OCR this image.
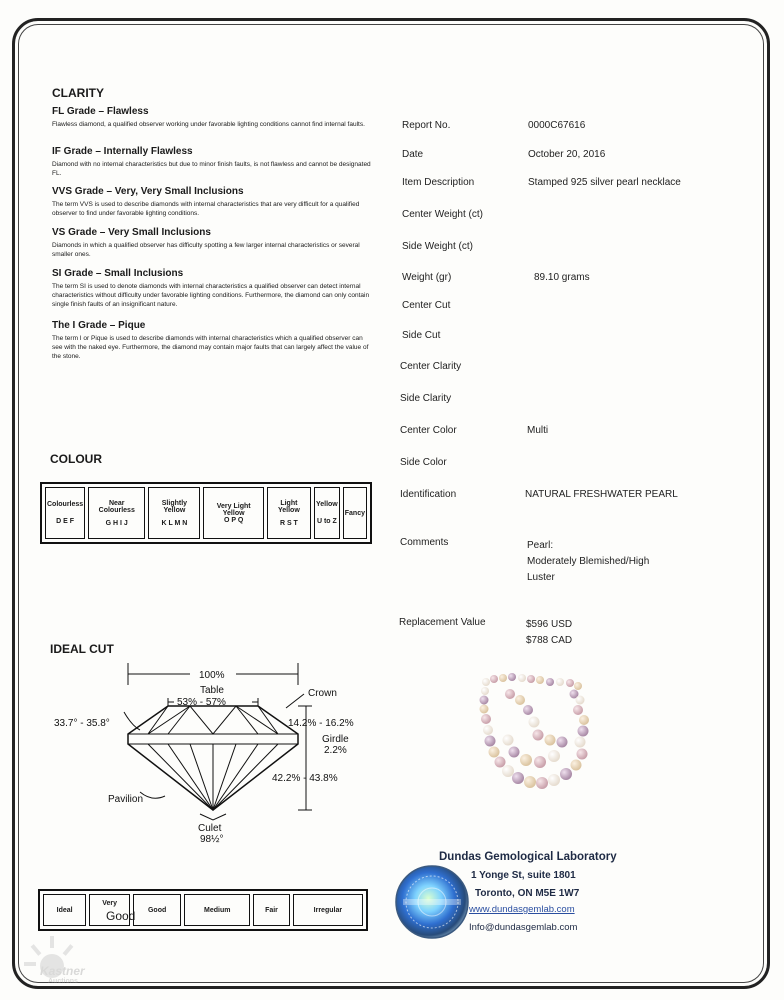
CLARITY
FL Grade – Flawless
Flawless diamond, a qualified observer working under favorable lighting conditions cannot find internal faults.
IF Grade – Internally Flawless
Diamond with no internal characteristics but due to minor finish faults, is not flawless and cannot be designated FL.
VVS Grade – Very, Very Small Inclusions
The term VVS is used to describe diamonds with internal characteristics that are very difficult for a qualified observer to find under favorable lighting conditions.
VS Grade – Very Small Inclusions
Diamonds in which a qualified observer has difficulty spotting a few larger internal characteristics or several smaller ones.
SI Grade – Small Inclusions
The term SI is used to denote diamonds with internal characteristics a qualified observer can detect internal characteristics without difficulty under favorable lighting conditions. Furthermore, the diamond can only contain single finish faults of an insignificant nature.
The I Grade – Pique
The term I or Pique is used to describe diamonds with internal characteristics which a qualified observer can see with the naked eye. Furthermore, the diamond may contain major faults that can largely affect the value of the stone.
COLOUR
Colourless
D E F

Near Colourless
G H I J

Slightly Yellow
K L M N

Very Light Yellow
O P Q

Light Yellow
R S T

Yellow
U to Z

Fancy
IDEAL CUT
100%
Table
53% - 57%
Crown
33.7° - 35.8°	14.2% - 16.2%
Girdle
2.2%
42.2% - 43.8%
Pavilion
Culet
98½°
Ideal	
Very
	Good	Medium	Fair	Irregular
Good
Report No.	0000C67616
Date	October 20, 2016
Item Description	Stamped 925 silver pearl necklace
Center Weight (ct)
Side Weight (ct)
Weight (gr)	89.10 grams
Center Cut
Side Cut
Center Clarity
Side Clarity
Center Color	Multi
Side Color
Identification	NATURAL FRESHWATER PEARL
Comments	Pearl:
Moderately Blemished/High
Luster
Replacement Value	$596 USD
$788 CAD
Dundas Gemological Laboratory
1 Yonge St, suite 1801
Toronto, ON M5E 1W7
www.dundasgemlab.com
Info@dundasgemlab.com
Kastner
Auctions
